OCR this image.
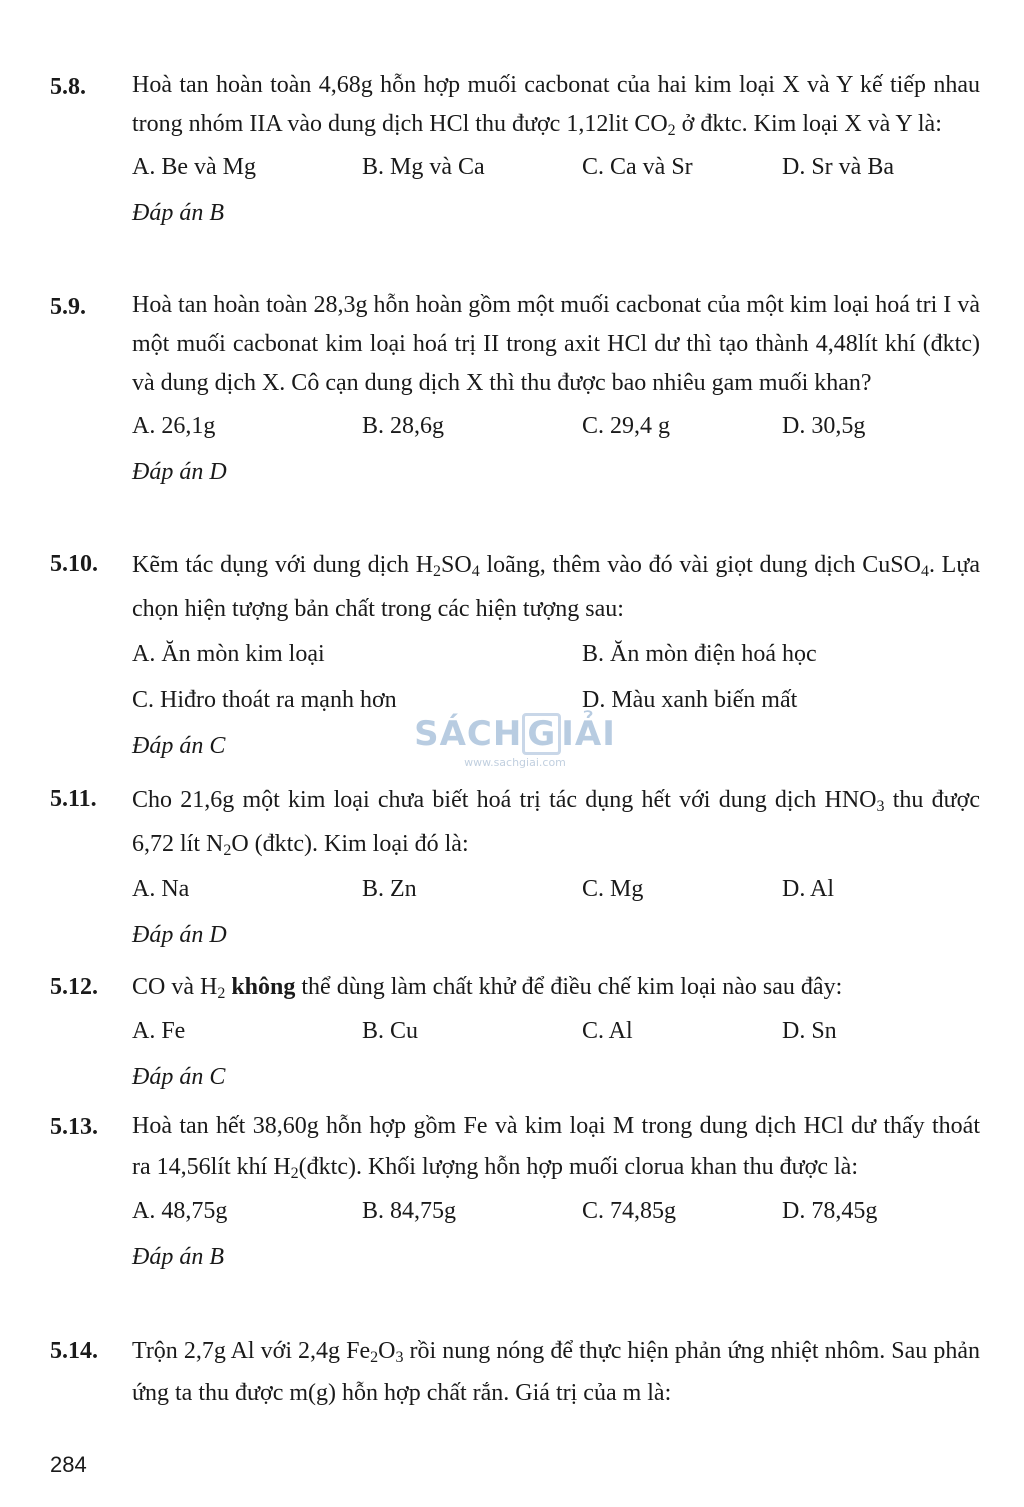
5.8.	Hoà tan hoàn toàn 4,68g hỗn hợp muối cacbonat của hai kim loại X và Y kế tiếp nhau trong nhóm IIA vào dung dịch HCl thu được 1,12lit $CO_2$ ở đktc. Kim loại X và Y là:
A. Be và Mg	B. Mg và Ca	C. Ca và Sr	D. Sr và Ba
Đáp án B
5.9.	Hoà tan hoàn toàn 28,3g hỗn hoàn gồm một muối cacbonat của một kim loại hoá tri I và một muối cacbonat kim loại hoá trị II trong axit HCl dư thì tạo thành 4,48lít khí (đktc) và dung dịch X. Cô cạn dung dịch X thì thu được bao nhiêu gam muối khan?
A. 26,1g	B. 28,6g	C. 29,4 g	D. 30,5g
Đáp án D
5.10.	Kẽm tác dụng với dung dịch $H_2SO_4$ loãng, thêm vào đó vài giọt dung dịch CuSO$_4$. Lựa chọn hiện tượng bản chất trong các hiện tượng sau:
A. Ăn mòn kim loại	B. Ăn mòn điện hoá học
C. Hiđro thoát ra mạnh hơn	D. Màu xanh biến mất
Đáp án C
5.11.	Cho 21,6g một kim loại chưa biết hoá trị tác dụng hết với dung dịch $HNO_3$ thu được 6,72 lít $N_2O$ (đktc). Kim loại đó là:
A. Na	B. Zn	C. Mg	D. Al
Đáp án D
5.12.	CO và $H_2$ không thể dùng làm chất khử để điều chế kim loại nào sau đây:
A. Fe	B. Cu	C. Al	D. Sn
Đáp án C
5.13.	Hoà tan hết 38,60g hỗn hợp gồm Fe và kim loại M trong dung dịch HCl dư thấy thoát ra 14,56lít khí $H_2(đktc)$. Khối lượng hỗn hợp muối clorua khan thu được là:
A. 48,75g	B. 84,75g	C. 74,85g	D. 78,45g
Đáp án B
5.14.	Trộn 2,7g Al với 2,4g $Fe_2O_3$ rồi nung nóng để thực hiện phản ứng nhiệt nhôm. Sau phản ứng ta thu được m(g) hỗn hợp chất rắn. Giá trị của m là:
SÁCH G IẢI
www.sachgiai.com
284
